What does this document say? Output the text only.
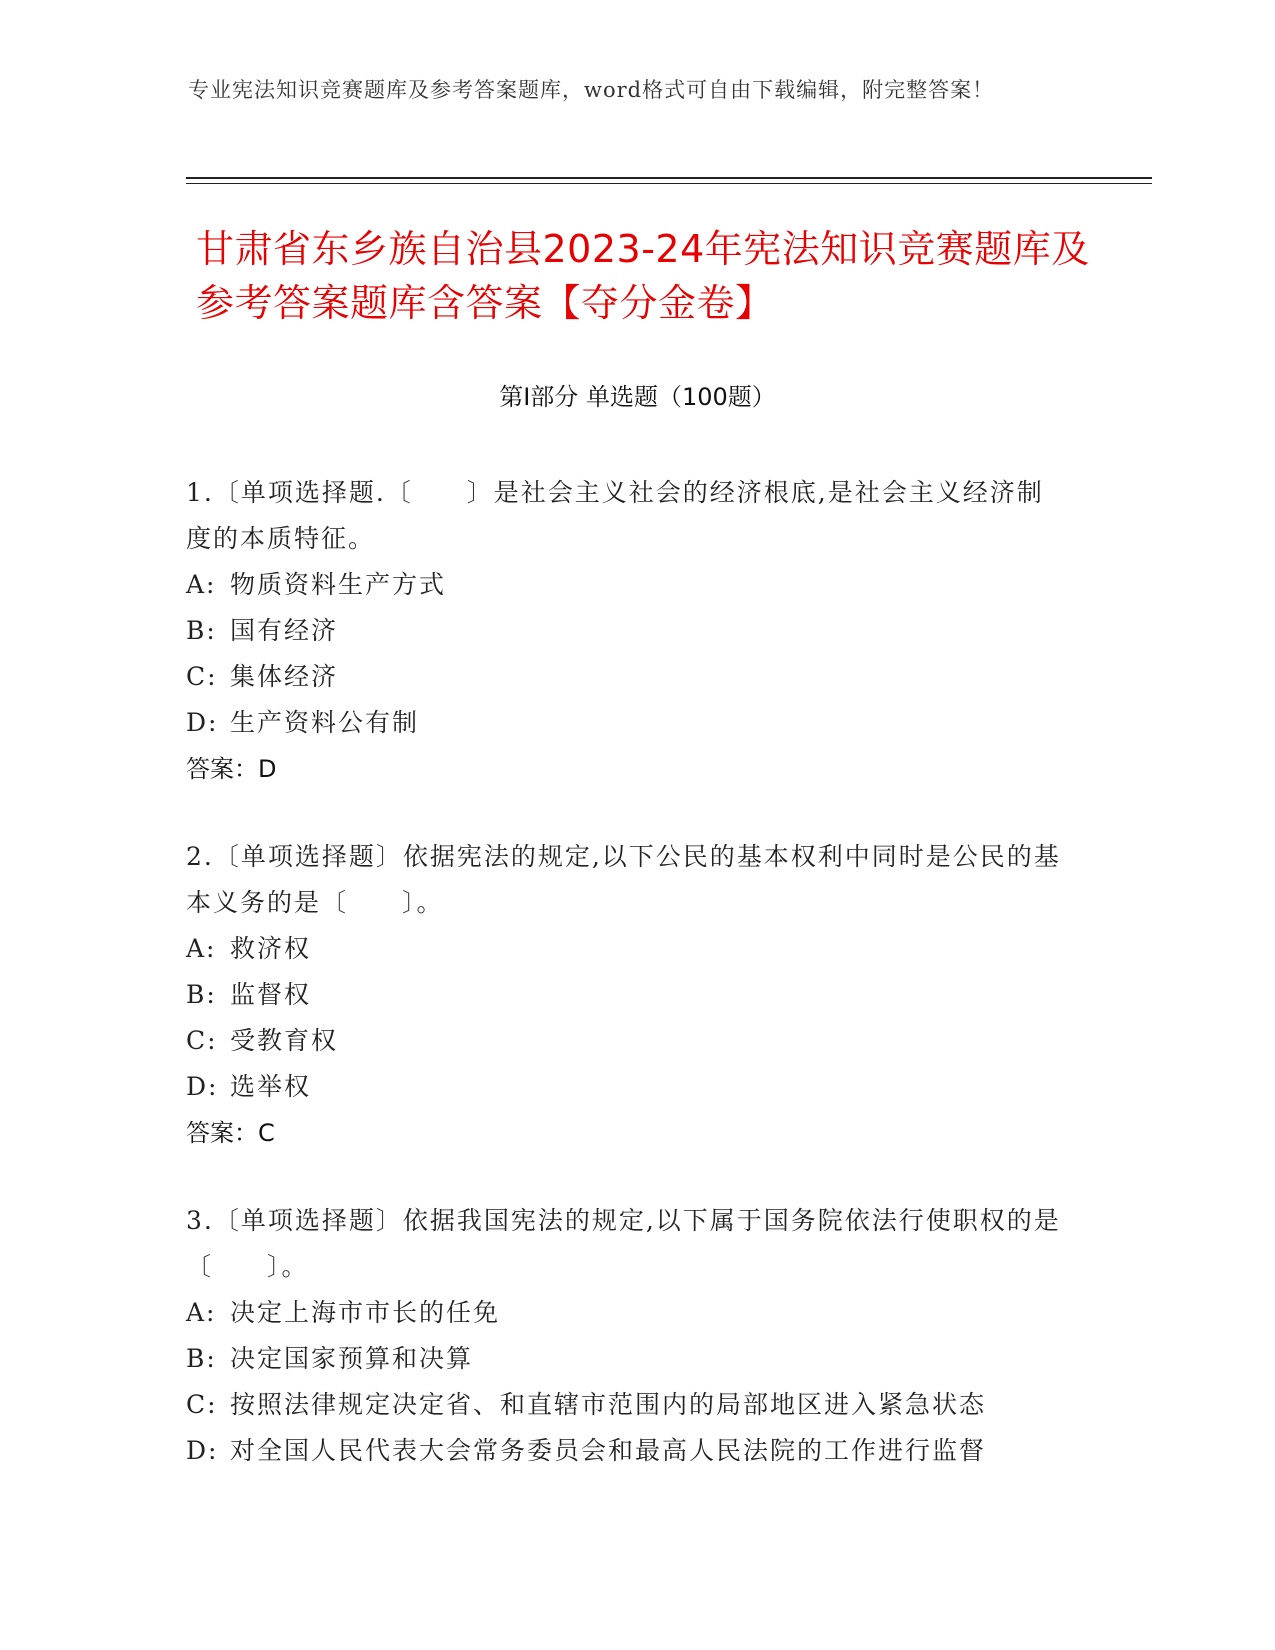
专业宪法知识竞赛题库及参考答案题库，word格式可自由下载编辑，附完整答案！
甘肃省东乡族自治县2023-24年宪法知识竞赛题库及参考答案题库含答案【夺分金卷】
第Ⅰ部分 单选题（100题）

1.〔单项选择题.〔　　〕是社会主义社会的经济根底,是社会主义经济制度的本质特征。

A: 物质资料生产方式
B: 国有经济
C: 集体经济
D: 生产资料公有制

答案：D

2.〔单项选择题〕依据宪法的规定,以下公民的基本权利中同时是公民的基本义务的是〔　　〕。

A: 救济权
B: 监督权
C: 受教育权
D: 选举权

答案：C

3.〔单项选择题〕依据我国宪法的规定,以下属于国务院依法行使职权的是〔　　〕。

A: 决定上海市市长的任免
B: 决定国家预算和决算
C: 按照法律规定决定省、和直辖市范围内的局部地区进入紧急状态
D: 对全国人民代表大会常务委员会和最高人民法院的工作进行监督
